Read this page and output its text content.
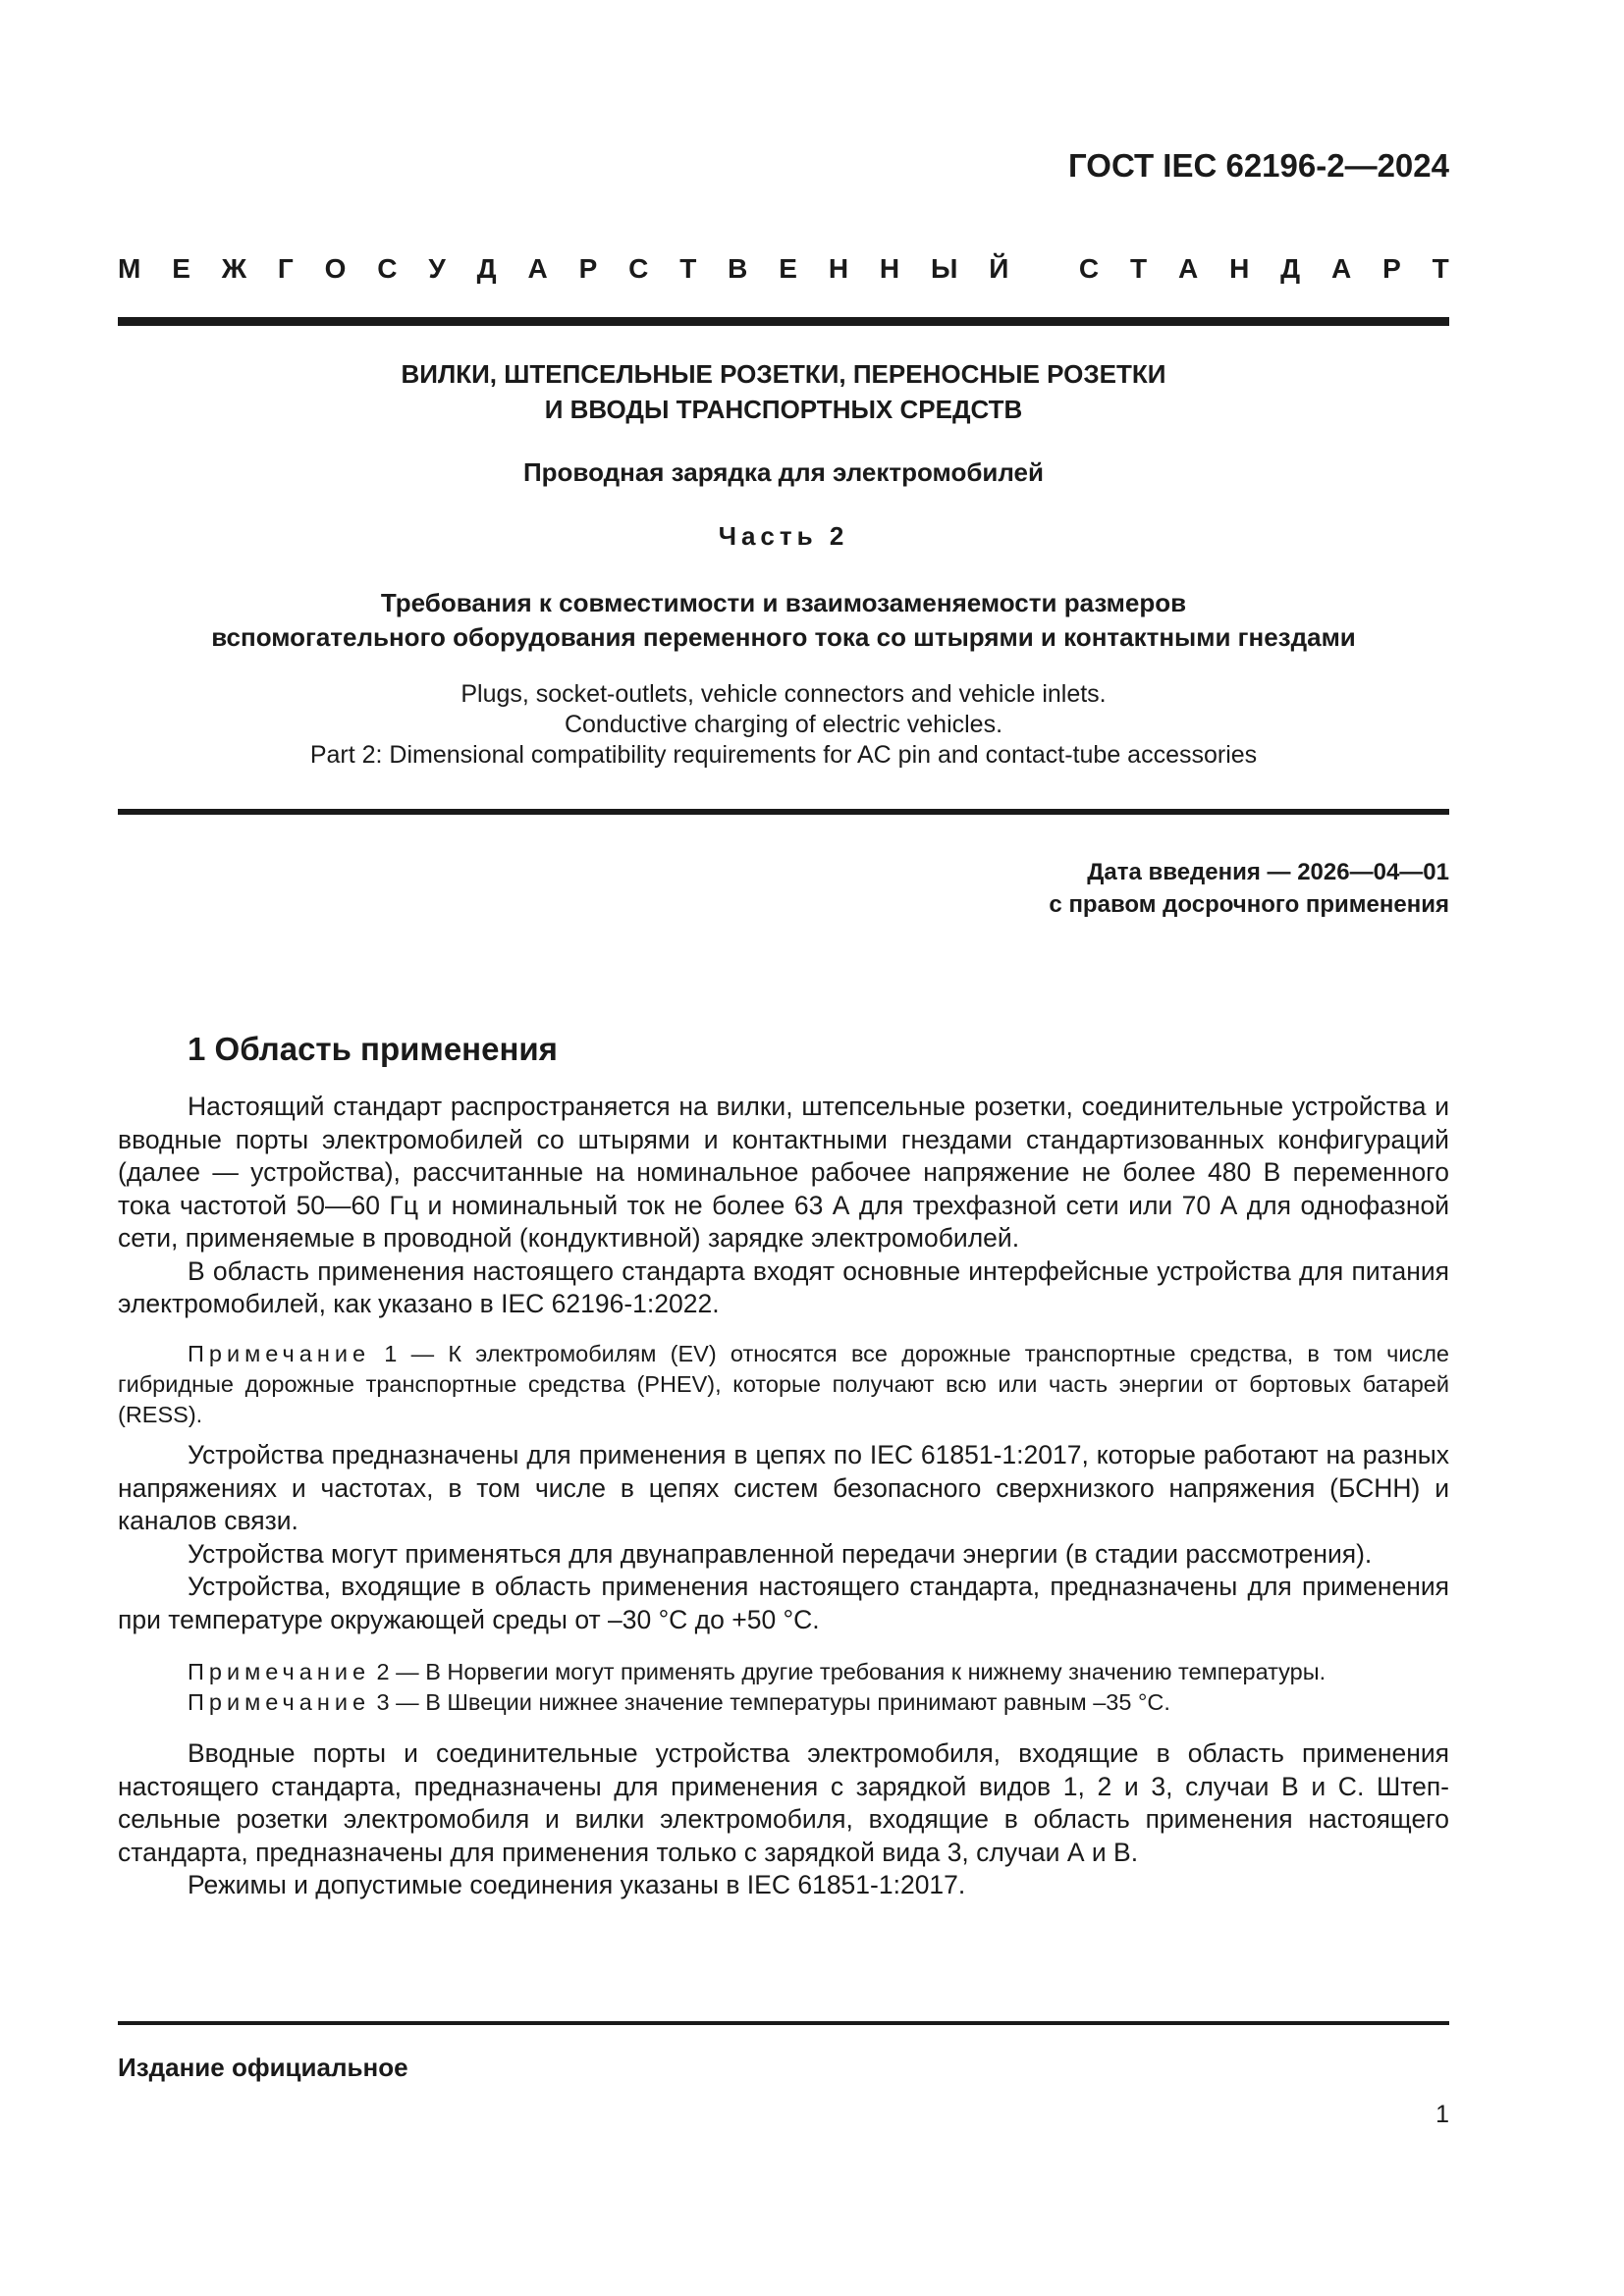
ГОСТ IEC 62196-2—2024
М Е Ж Г О С У Д А Р С Т В Е Н Н Ы Й
	С Т А Н Д А Р Т
ВИЛКИ, ШТЕПСЕЛЬНЫЕ РОЗЕТКИ, ПЕРЕНОСНЫЕ РОЗЕТКИ
И ВВОДЫ ТРАНСПОРТНЫХ СРЕДСТВ
Проводная зарядка для электромобилей
Часть 2
Требования к совместимости и взаимозаменяемости размеров
вспомогательного оборудования переменного тока со штырями и контактными гнездами
Plugs, socket-outlets, vehicle connectors and vehicle inlets.
Conductive charging of electric vehicles.
Part 2: Dimensional compatibility requirements for AC pin and contact-tube accessories
Дата введения — 2026—04—01
с правом досрочного применения
1 Область применения

Настоящий стандарт распространяется на вилки, штепсельные розетки, соединительные устройства и вводные порты электромобилей со штырями и контактными гнездами стандартизованных конфигураций (далее — устройства), рассчитанные на номинальное рабочее напряжение не более 480 В переменного тока частотой 50—60 Гц и номинальный ток не более 63 А для трехфазной сети или 70 А для однофазной сети, применяемые в проводной (кондуктивной) зарядке электромобилей.

В область применения настоящего стандарта входят основные интерфейсные устройства для питания электромобилей, как указано в IEC 62196-1:2022.

Примечание 1 — К электромобилям (EV) относятся все дорожные транспортные средства, в том числе гибридные дорожные транспортные средства (PHEV), которые получают всю или часть энергии от бортовых батарей (RESS).

Устройства предназначены для применения в цепях по IEC 61851-1:2017, которые работают на разных напряжениях и частотах, в том числе в цепях систем безопасного сверхнизкого напряжения (БСНН) и каналов связи.

Устройства могут применяться для двунаправленной передачи энергии (в стадии рассмотрения).

Устройства, входящие в область применения настоящего стандарта, предназначены для применения при температуре окружающей среды от –30 °С до +50 °С.

Примечание 2 — В Норвегии могут применять другие требования к нижнему значению температуры.

Примечание 3 — В Швеции нижнее значение температуры принимают равным –35 °С.

Вводные порты и соединительные устройства электромобиля, входящие в область применения настоящего стандарта, предназначены для применения с зарядкой видов 1, 2 и 3, случаи В и С. Штепсельные розетки электромобиля и вилки электромобиля, входящие в область применения настоящего стандарта, предназначены для применения только с зарядкой вида 3, случаи А и В.

Режимы и допустимые соединения указаны в IEC 61851-1:2017.

Издание официальное
1
